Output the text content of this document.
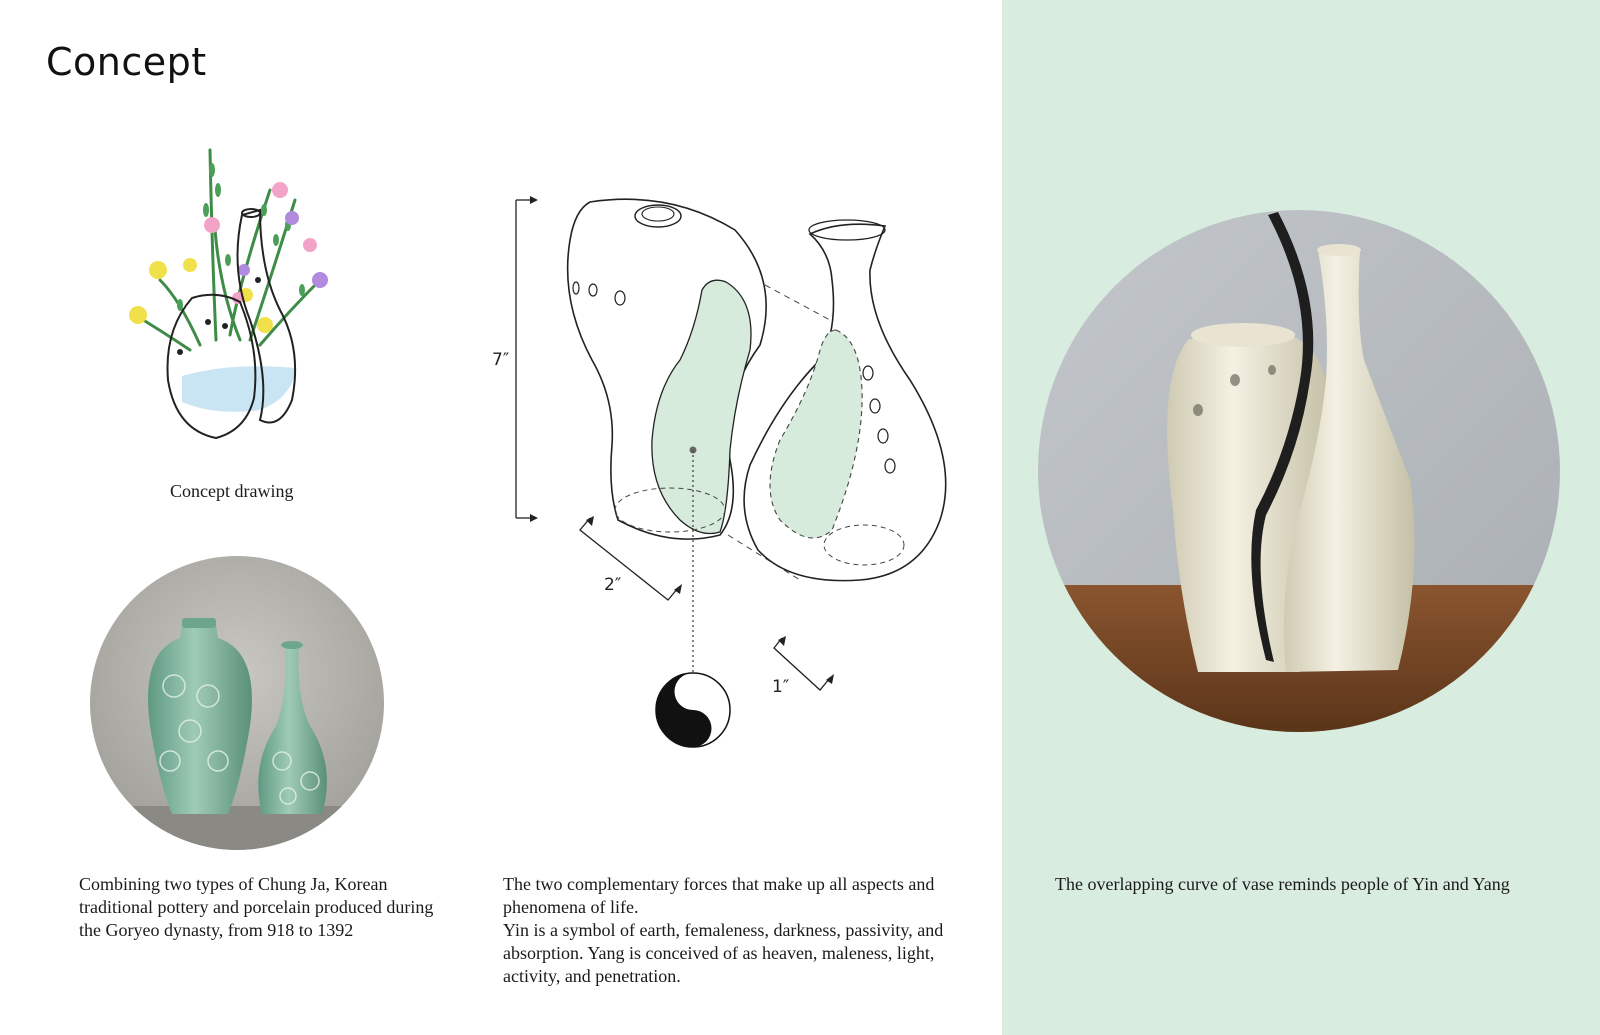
Concept
Concept drawing
Combining two types of Chung Ja, Korean traditional pottery and porcelain produced during the Goryeo dynasty, from 918 to 1392
7″
2″
1″
The two complementary forces that make up all aspects and phenomena of life.
Yin is a symbol of earth, femaleness, darkness, passivity, and absorption. Yang is conceived of as heaven, maleness, light, activity, and penetration.
The overlapping curve of vase reminds people of Yin and Yang
